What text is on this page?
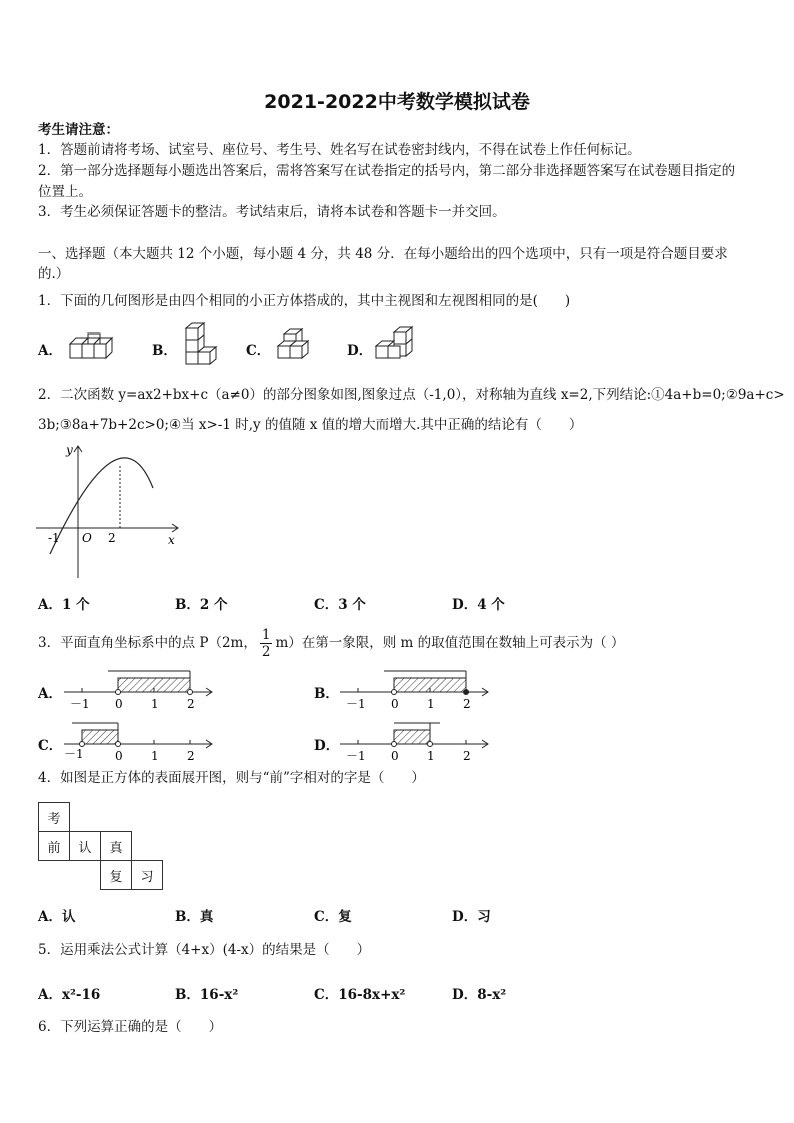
2021-2022中考数学模拟试卷
考生请注意：
1．答题前请将考场、试室号、座位号、考生号、姓名写在试卷密封线内，不得在试卷上作任何标记。
2．第一部分选择题每小题选出答案后，需将答案写在试卷指定的括号内，第二部分非选择题答案写在试卷题目指定的
位置上。
3．考生必须保证答题卡的整洁。考试结束后，请将本试卷和答题卡一并交回。
一、选择题（本大题共 12 个小题，每小题 4 分，共 48 分．在每小题给出的四个选项中，只有一项是符合题目要求
的.）
1．下面的几何图形是由四个相同的小正方体搭成的，其中主视图和左视图相同的是(　　)
A．	B．	C．	D．
2．二次函数 y=ax2+bx+c（a≠0）的部分图象如图,图象过点（-1,0），对称轴为直线 x=2,下列结论:①4a+b=0;②9a+c>
3b;③8a+7b+2c>0;④当 x>-1 时,y 的值随 x 值的增大而增大.其中正确的结论有（　　）
y
x
O
-1	2
A．1 个	B．2 个	C．3 个	D．4 个
3．平面直角坐标系中的点 P（2m， $\frac{1}{2} m$）在第一象限，则 m 的取值范围在数轴上可表示为（ ）
A．
－1 0 1 2
B．
－1 0 1 2
C． －1	0 1 2
D．
－1 0 1 2
4．如图是正方体的表面展开图，则与“前”字相对的字是（　　）
考			
前	认	真	
		复	习
A．认	B．真	C．复	D．习
5．运用乘法公式计算（4+x）(4-x）的结果是（　　）
A．x²-16	B．16-x²	C．16-8x+x²	D．8-x²
6．下列运算正确的是（　　）
